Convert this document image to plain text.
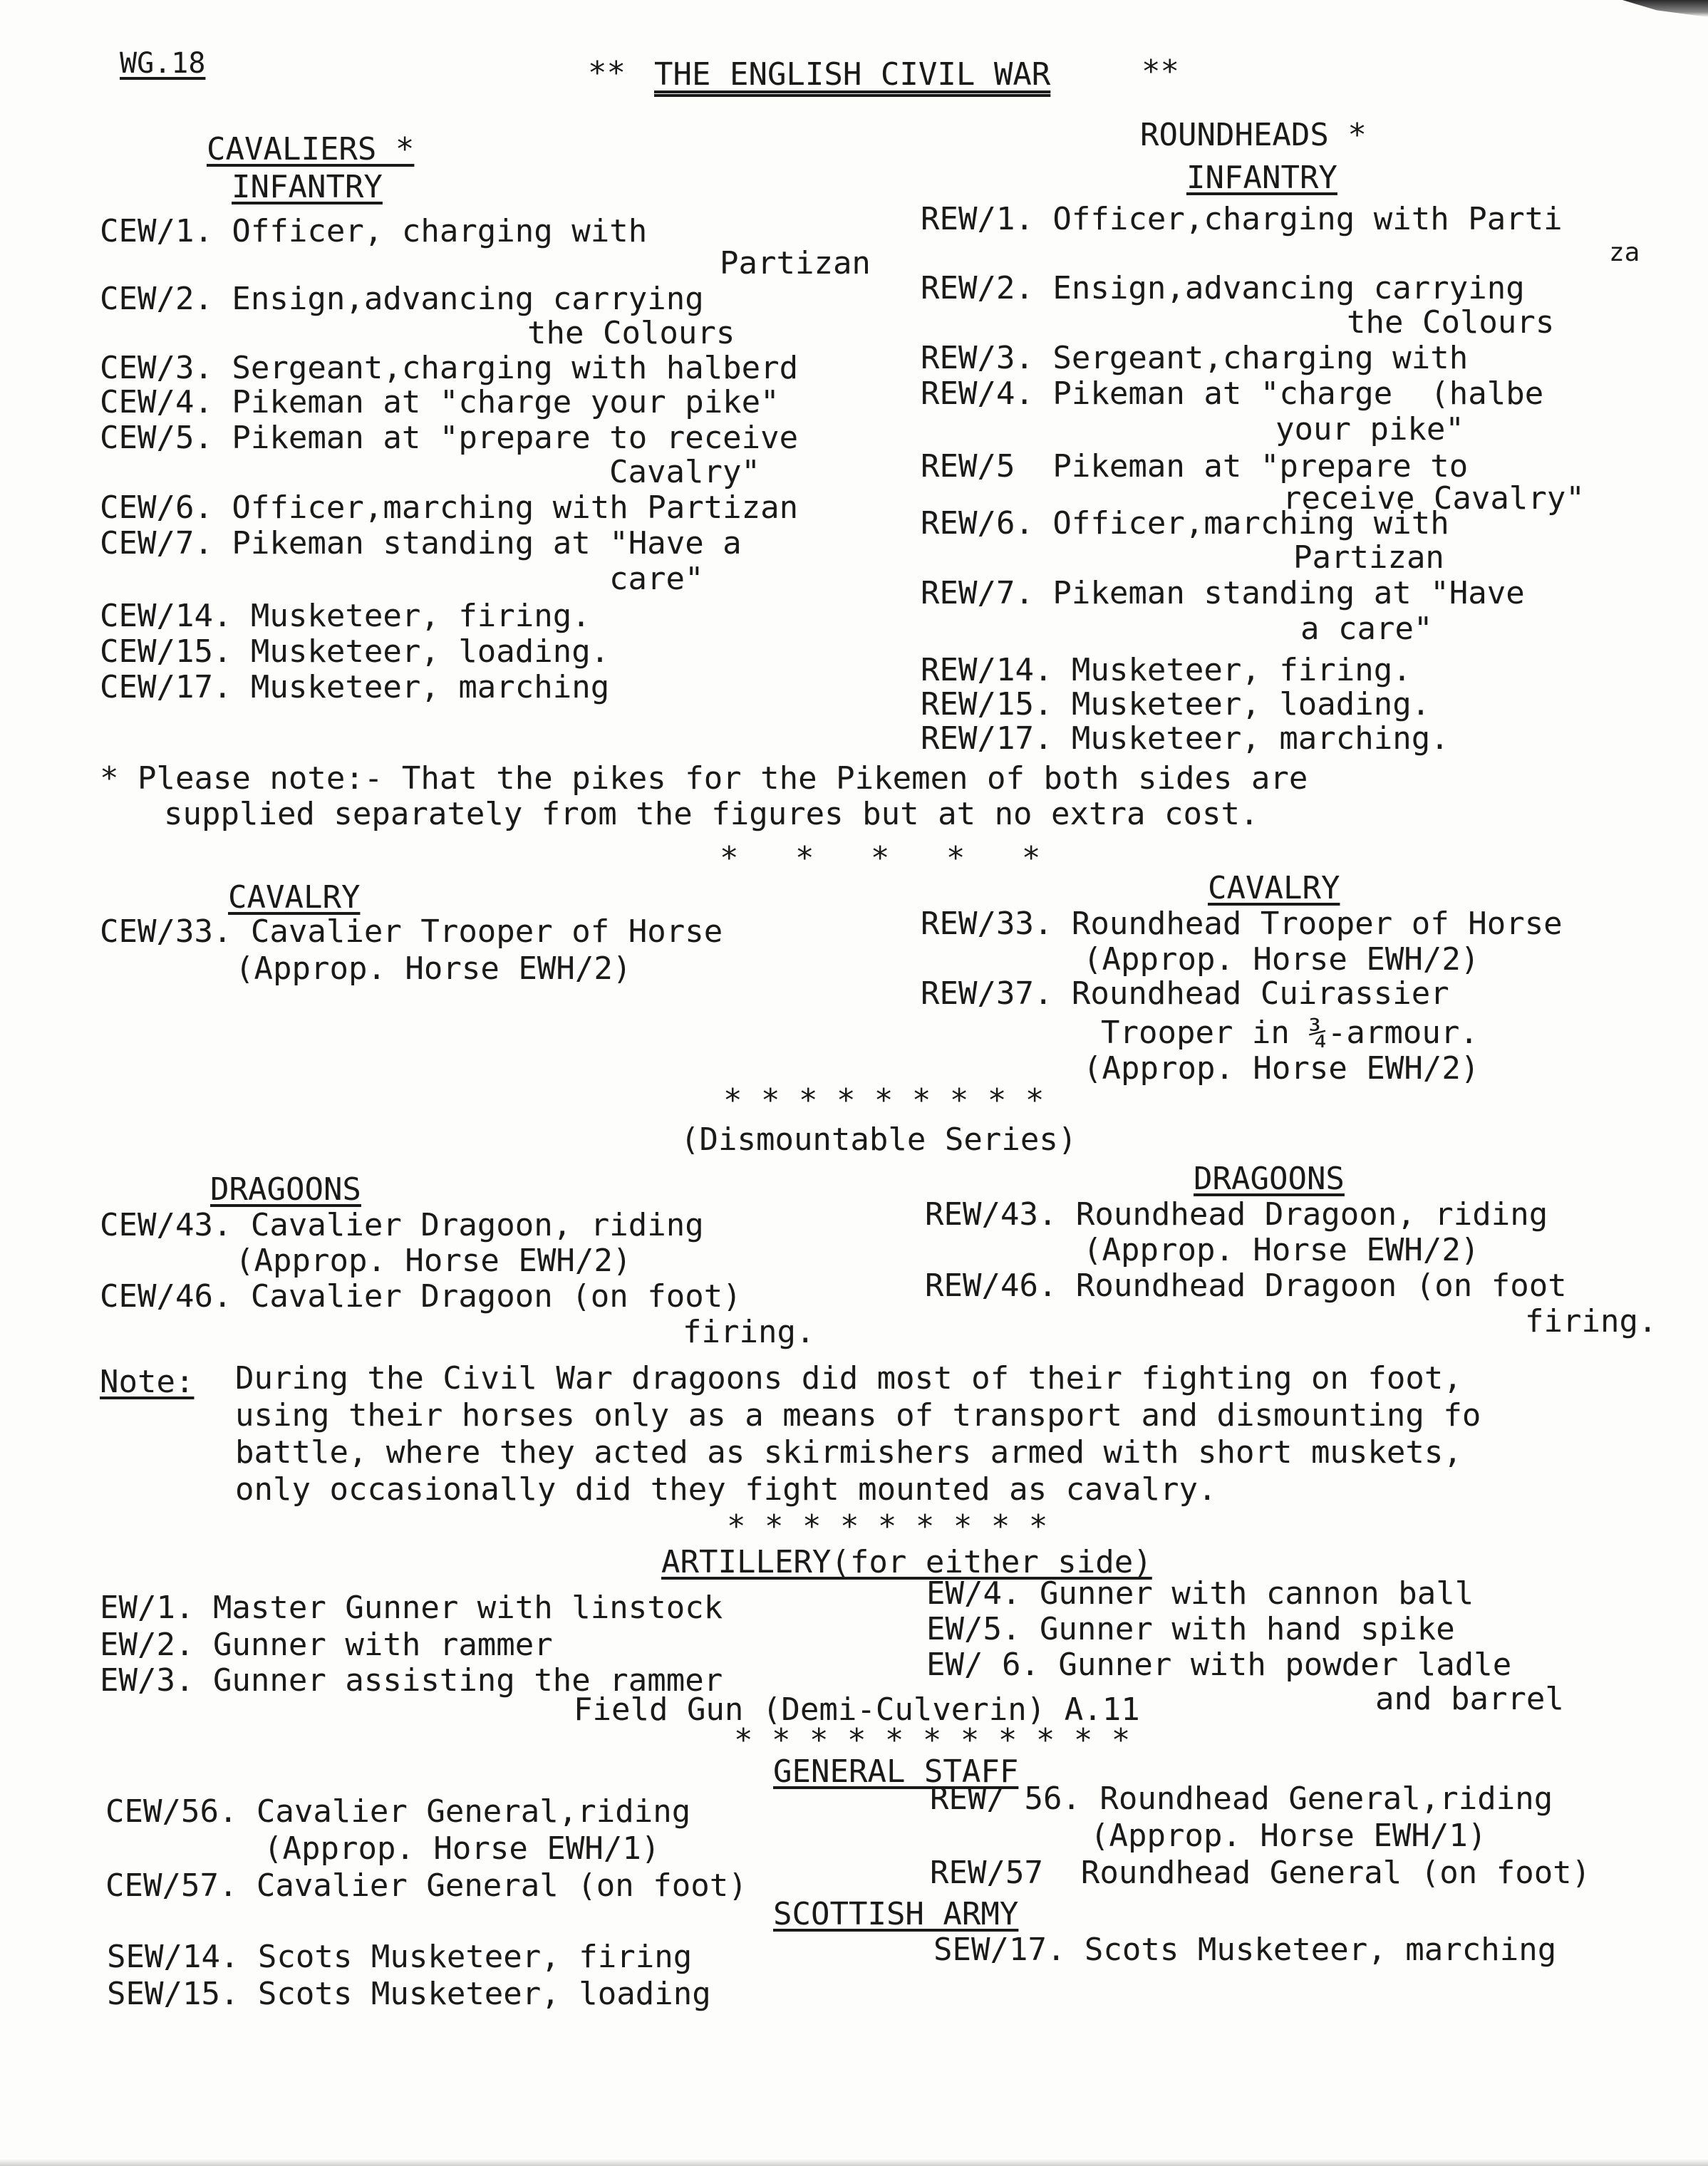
WG.18	** THE ENGLISH CIVIL WAR	**
CAVALIERS *
INFANTRY
ROUNDHEADS *
INFANTRY
CEW/1. Officer, charging with
Partizan
CEW/2. Ensign,advancing carrying
the Colours
CEW/3. Sergeant,charging with halberd
CEW/4. Pikeman at "charge your pike"
CEW/5. Pikeman at "prepare to receive
Cavalry"
CEW/6. Officer,marching with Partizan
CEW/7. Pikeman standing at "Have a
care"
CEW/14. Musketeer, firing.
CEW/15. Musketeer, loading.
CEW/17. Musketeer, marching
REW/1. Officer,charging with Parti
za
REW/2. Ensign,advancing carrying
the Colours
REW/3. Sergeant,charging with
REW/4. Pikeman at "charge  (halbe
your pike"
REW/5  Pikeman at "prepare to
receive Cavalry"
REW/6. Officer,marching with
Partizan
REW/7. Pikeman standing at "Have
a care"
REW/14. Musketeer, firing.
REW/15. Musketeer, loading.
REW/17. Musketeer, marching.
* Please note:- That the pikes for the Pikemen of both sides are
supplied separately from the figures but at no extra cost.
*   *   *   *   *
CAVALRY	CAVALRY
CEW/33. Cavalier Trooper of Horse
(Approp. Horse EWH/2)
REW/33. Roundhead Trooper of Horse
(Approp. Horse EWH/2)
REW/37. Roundhead Cuirassier
Trooper in ¾-armour.
(Approp. Horse EWH/2)
* * * * * * * * *
(Dismountable Series)
DRAGOONS	DRAGOONS
CEW/43. Cavalier Dragoon, riding
(Approp. Horse EWH/2)
CEW/46. Cavalier Dragoon (on foot)
firing.
REW/43. Roundhead Dragoon, riding
(Approp. Horse EWH/2)
REW/46. Roundhead Dragoon (on foot
firing.
Note: During the Civil War dragoons did most of their fighting on foot,
using their horses only as a means of transport and dismounting fo
battle, where they acted as skirmishers armed with short muskets,
only occasionally did they fight mounted as cavalry.
* * * * * * * * *
ARTILLERY(for either side)
EW/1. Master Gunner with linstock
EW/2. Gunner with rammer
EW/3. Gunner assisting the rammer
EW/4. Gunner with cannon ball
EW/5. Gunner with hand spike
EW/ 6. Gunner with powder ladle
and barrel
Field Gun (Demi-Culverin) A.11
* * * * * * * * * * *
GENERAL STAFF
CEW/56. Cavalier General,riding
(Approp. Horse EWH/1)
CEW/57. Cavalier General (on foot)
REW/ 56. Roundhead General,riding
(Approp. Horse EWH/1)
REW/57  Roundhead General (on foot)
SCOTTISH ARMY
SEW/14. Scots Musketeer, firing
SEW/15. Scots Musketeer, loading
SEW/17. Scots Musketeer, marching
